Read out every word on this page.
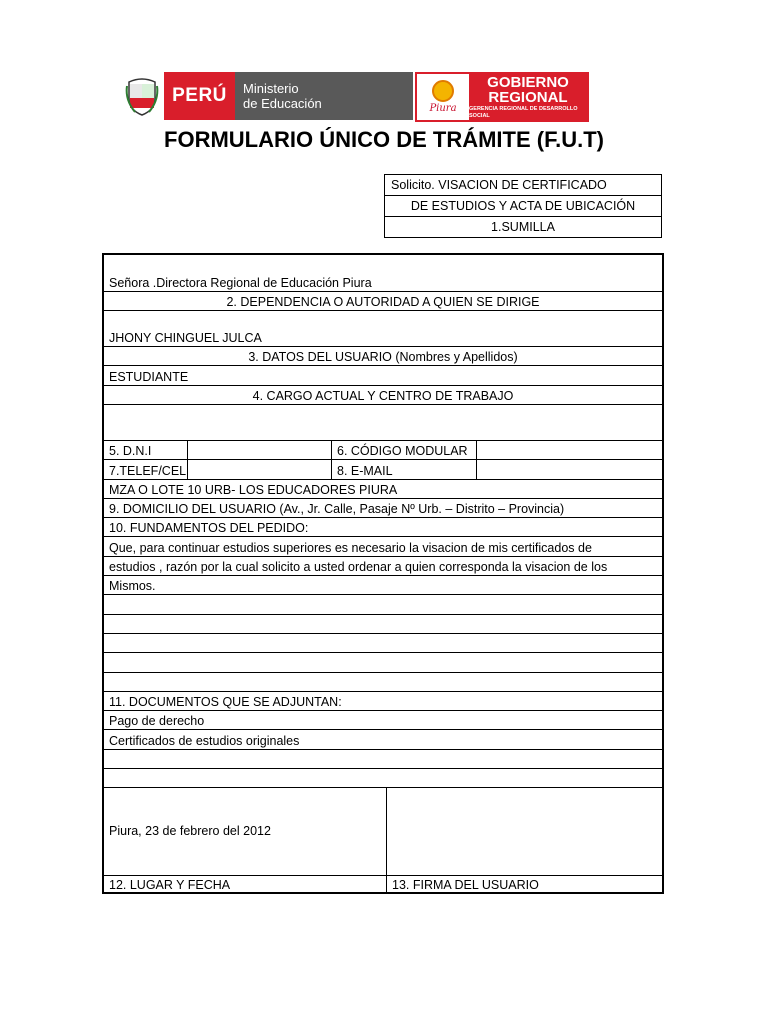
PERÚ	Ministerio
de Educación	Piura
GOBIERNO
REGIONAL
GERENCIA REGIONAL DE DESARROLLO SOCIAL
FORMULARIO ÚNICO DE TRÁMITE (F.U.T)
Solicito. VISACION DE CERTIFICADO
DE ESTUDIOS Y ACTA DE UBICACIÓN
1.SUMILLA
Señora .Directora Regional de Educación Piura
2. DEPENDENCIA O AUTORIDAD A QUIEN SE DIRIGE
JHONY CHINGUEL JULCA
3. DATOS DEL USUARIO (Nombres y Apellidos)
ESTUDIANTE
4. CARGO ACTUAL Y CENTRO DE TRABAJO
5. D.N.I	6. CÓDIGO MODULAR
7.TELEF/CEL	8. E-MAIL
MZA O LOTE 10 URB- LOS EDUCADORES PIURA
9. DOMICILIO DEL USUARIO (Av., Jr. Calle, Pasaje Nº Urb. – Distrito – Provincia)
10. FUNDAMENTOS DEL PEDIDO:
Que, para continuar estudios superiores es necesario la visacion de mis certificados de
estudios , razón por la cual solicito a usted ordenar a quien corresponda la visacion de los
Mismos.
11. DOCUMENTOS QUE SE ADJUNTAN:
Pago de derecho
Certificados de estudios originales
Piura, 23 de febrero del 2012
12. LUGAR Y FECHA	13. FIRMA DEL USUARIO
